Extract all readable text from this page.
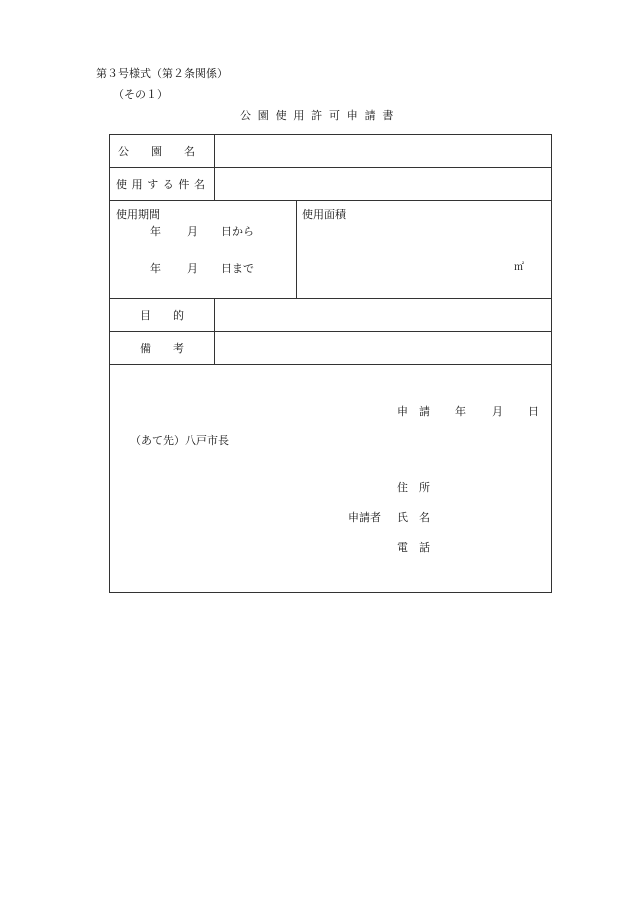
第３号様式（第２条関係）
（その１）
公 園 使 用 許 可 申 請 書
公　　園　　名
使 用 す る 件 名
使用期間
年 月 日から
年 月 日まで
使用面積
㎡
目　　的
備　　考
申　請 年 月 日
（あて先）八戸市長
住　所
申請者 氏　名
電　話
